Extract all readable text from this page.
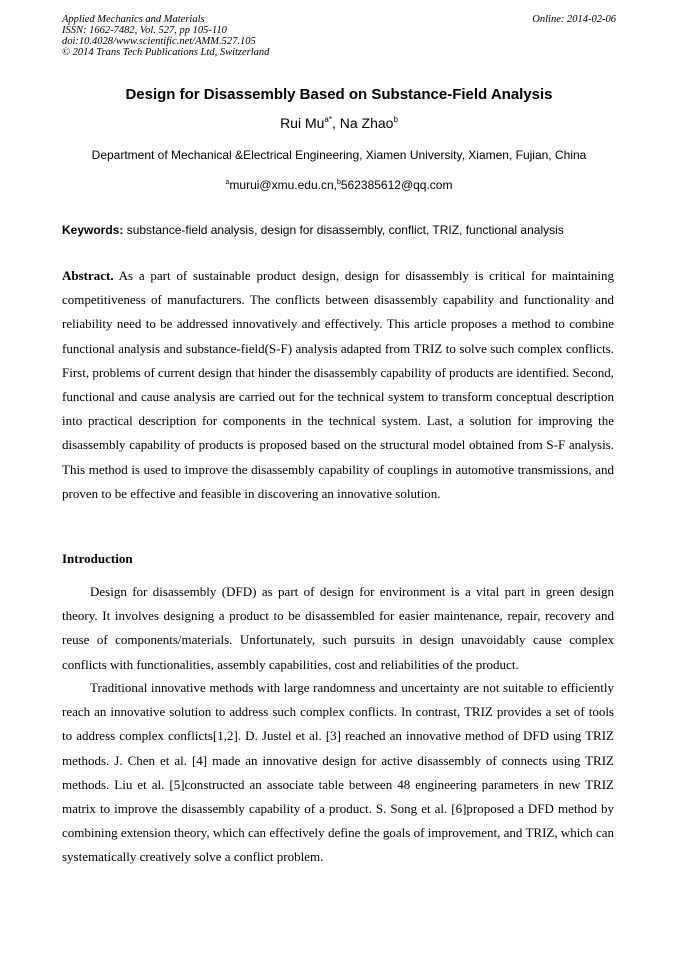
Applied Mechanics and Materials
ISSN: 1662-7482, Vol. 527, pp 105-110
doi:10.4028/www.scientific.net/AMM.527.105
© 2014 Trans Tech Publications Ltd, Switzerland
Online: 2014-02-06
Design for Disassembly Based on Substance-Field Analysis
Rui $Mu^{a*}$, Na Zhao$^b$
Department of Mechanical &Electrical Engineering, Xiamen University, Xiamen, Fujian, China
$^a$murui@xmu.edu.cn,$^b$562385612@qq.com
Keywords: substance-field analysis, design for disassembly, conflict, TRIZ, functional analysis
Abstract. As a part of sustainable product design, design for disassembly is critical for maintaining competitiveness of manufacturers. The conflicts between disassembly capability and functionality and reliability need to be addressed innovatively and effectively. This article proposes a method to combine functional analysis and substance-field(S-F) analysis adapted from TRIZ to solve such complex conflicts. First, problems of current design that hinder the disassembly capability of products are identified. Second, functional and cause analysis are carried out for the technical system to transform conceptual description into practical description for components in the technical system. Last, a solution for improving the disassembly capability of products is proposed based on the structural model obtained from S-F analysis. This method is used to improve the disassembly capability of couplings in automotive transmissions, and proven to be effective and feasible in discovering an innovative solution.
Introduction
Design for disassembly (DFD) as part of design for environment is a vital part in green design theory. It involves designing a product to be disassembled for easier maintenance, repair, recovery and reuse of components/materials. Unfortunately, such pursuits in design unavoidably cause complex conflicts with functionalities, assembly capabilities, cost and reliabilities of the product.
Traditional innovative methods with large randomness and uncertainty are not suitable to efficiently reach an innovative solution to address such complex conflicts. In contrast, TRIZ provides a set of tools to address complex conflicts[1,2]. D. Justel et al. [3] reached an innovative method of DFD using TRIZ methods. J. Chen et al. [4] made an innovative design for active disassembly of connects using TRIZ methods. Liu et al. [5]constructed an associate table between 48 engineering parameters in new TRIZ matrix to improve the disassembly capability of a product. S. Song et al. [6]proposed a DFD method by combining extension theory, which can effectively define the goals of improvement, and TRIZ, which can systematically creatively solve a conflict problem.
